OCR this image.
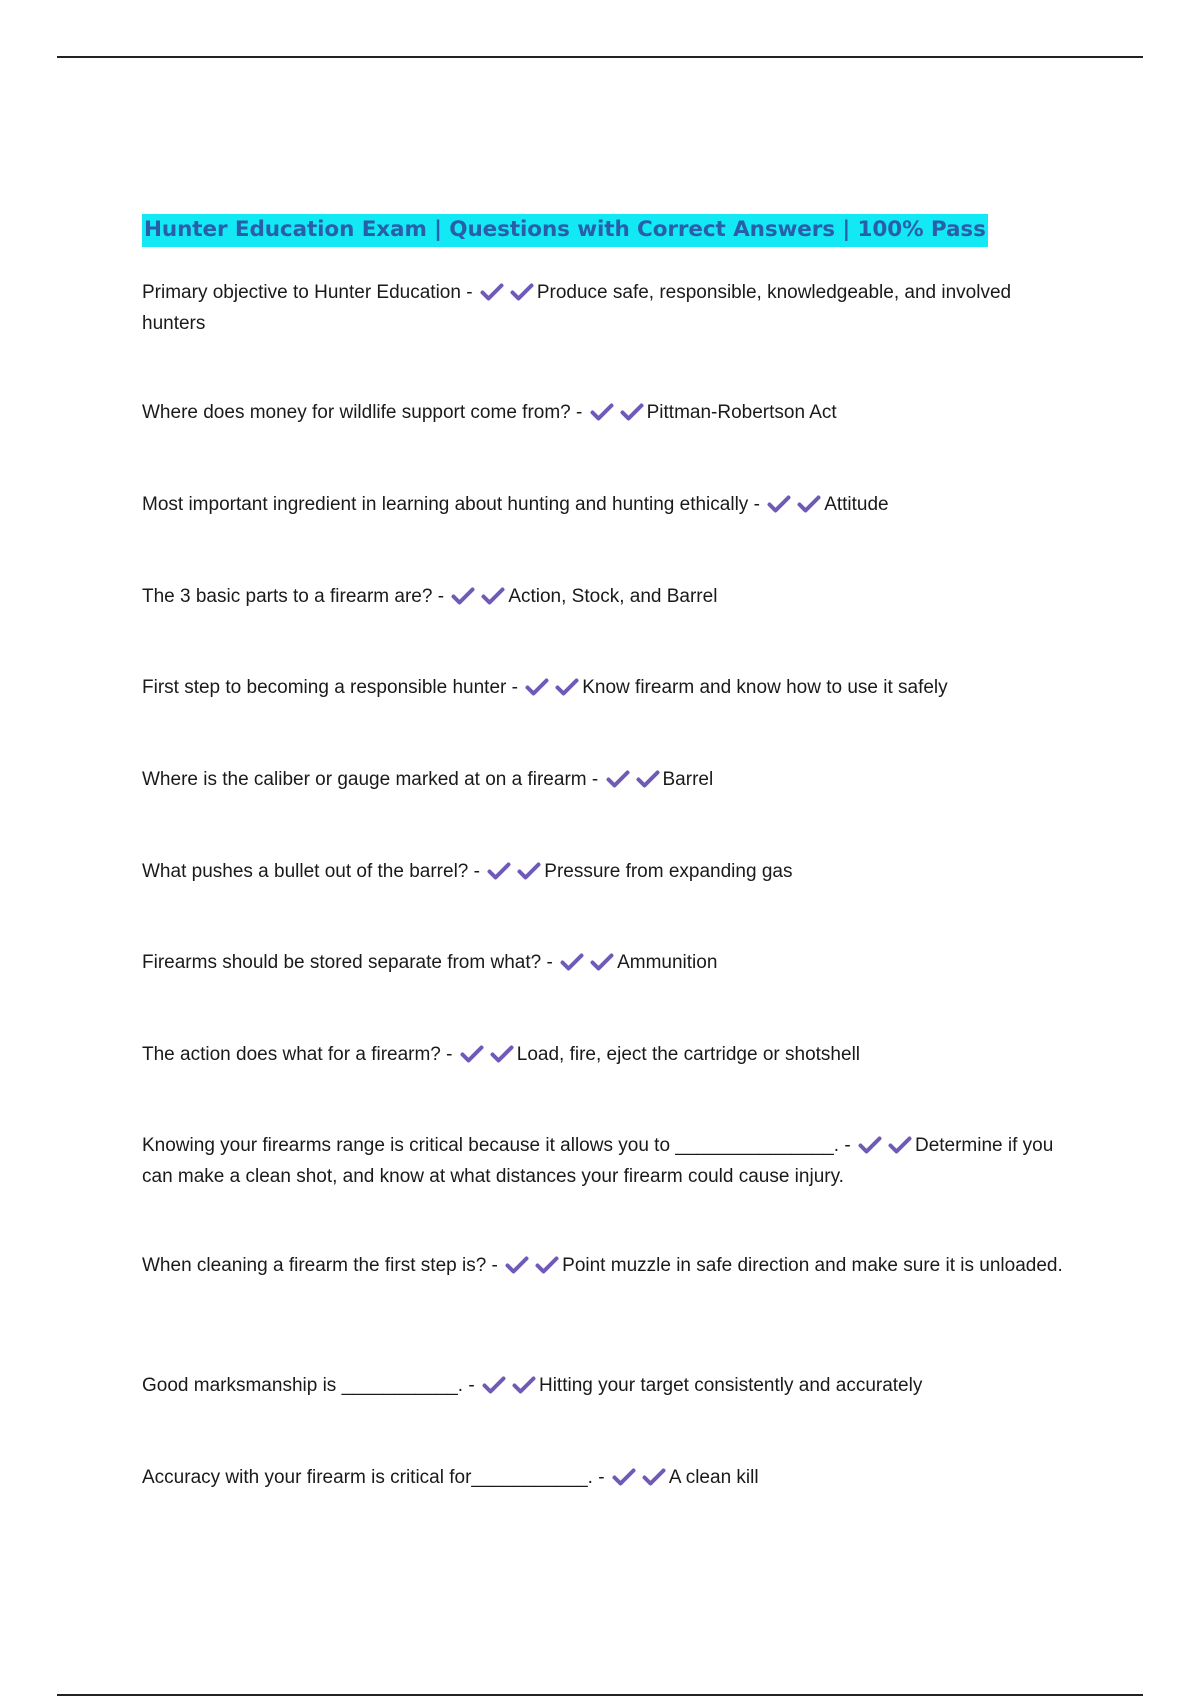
Hunter Education Exam | Questions with Correct Answers | 100% Pass
Primary objective to Hunter Education -	Produce safe, responsible, knowledgeable, and involved hunters
Where does money for wildlife support come from? -	Pittman-Robertson Act
Most important ingredient in learning about hunting and hunting ethically -	Attitude
The 3 basic parts to a firearm are? -	Action, Stock, and Barrel
First step to becoming a responsible hunter -	Know firearm and know how to use it safely
Where is the caliber or gauge marked at on a firearm -	Barrel
What pushes a bullet out of the barrel? -	Pressure from expanding gas
Firearms should be stored separate from what? -	Ammunition
The action does what for a firearm? -	Load, fire, eject the cartridge or shotshell
Knowing your firearms range is critical because it allows you to _______________. -	Determine if you can make a clean shot, and know at what distances your firearm could cause injury.
When cleaning a firearm the first step is? -	Point muzzle in safe direction and make sure it is unloaded.
Good marksmanship is ___________. -	Hitting your target consistently and accurately
Accuracy with your firearm is critical for___________. -	A clean kill
